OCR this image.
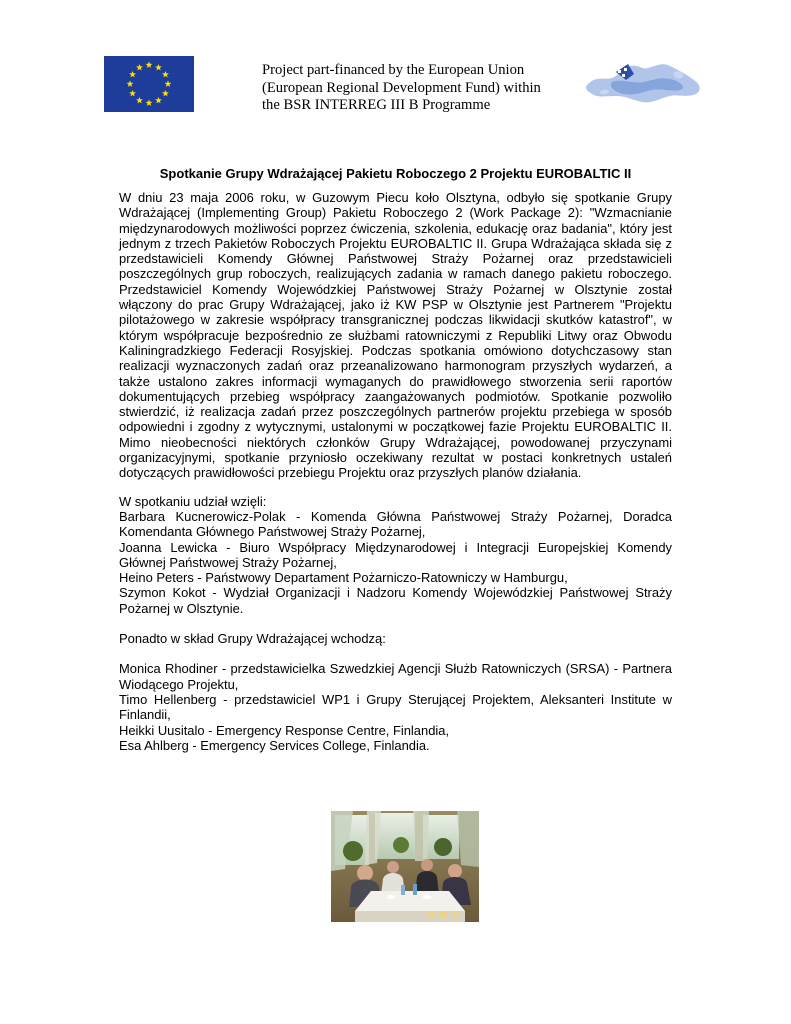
Project part-financed by the European Union
(European Regional Development Fund) within
the BSR INTERREG III B Programme
Spotkanie Grupy Wdrażającej Pakietu Roboczego 2 Projektu EUROBALTIC II

W dniu 23 maja 2006 roku, w Guzowym Piecu koło Olsztyna, odbyło się spotkanie Grupy Wdrażającej (Implementing Group) Pakietu Roboczego 2 (Work Package 2): "Wzmacnianie międzynarodowych możliwości poprzez ćwiczenia, szkolenia, edukację oraz badania", który jest jednym z trzech Pakietów Roboczych Projektu EUROBALTIC II. Grupa Wdrażająca składa się z przedstawicieli Komendy Głównej Państwowej Straży Pożarnej oraz przedstawicieli poszczególnych grup roboczych, realizujących zadania w ramach danego pakietu roboczego. Przedstawiciel Komendy Wojewódzkiej Państwowej Straży Pożarnej w Olsztynie został włączony do prac Grupy Wdrażającej, jako iż KW PSP w Olsztynie jest Partnerem "Projektu pilotażowego w zakresie współpracy transgranicznej podczas likwidacji skutków katastrof", w którym współpracuje bezpośrednio ze służbami ratowniczymi z Republiki Litwy oraz Obwodu Kaliningradzkiego Federacji Rosyjskiej. Podczas spotkania omówiono dotychczasowy stan realizacji wyznaczonych zadań oraz przeanalizowano harmonogram przyszłych wydarzeń, a także ustalono zakres informacji wymaganych do prawidłowego stworzenia serii raportów dokumentujących przebieg współpracy zaangażowanych podmiotów. Spotkanie pozwoliło stwierdzić, iż realizacja zadań przez poszczególnych partnerów projektu przebiega w sposób odpowiedni i zgodny z wytycznymi, ustalonymi w początkowej fazie Projektu EUROBALTIC II. Mimo nieobecności niektórych członków Grupy Wdrażającej, powodowanej przyczynami organizacyjnymi, spotkanie przyniosło oczekiwany rezultat w postaci konkretnych ustaleń dotyczących prawidłowości przebiegu Projektu oraz przyszłych planów działania.

W spotkaniu udział wzięli:

Barbara Kucnerowicz-Polak - Komenda Główna Państwowej Straży Pożarnej, Doradca Komendanta Głównego Państwowej Straży Pożarnej,

Joanna Lewicka - Biuro Współpracy Międzynarodowej i Integracji Europejskiej Komendy Głównej Państwowej Straży Pożarnej,

Heino Peters - Państwowy Departament Pożarniczo-Ratowniczy w Hamburgu,

Szymon Kokot - Wydział Organizacji i Nadzoru Komendy Wojewódzkiej Państwowej Straży Pożarnej w Olsztynie.

Ponadto w skład Grupy Wdrażającej wchodzą:

Monica Rhodiner - przedstawicielka Szwedzkiej Agencji Służb Ratowniczych (SRSA) - Partnera Wiodącego Projektu,

Timo Hellenberg - przedstawiciel WP1 i Grupy Sterującej Projektem, Aleksanteri Institute w Finlandii,

Heikki Uusitalo - Emergency Response Centre, Finlandia,

Esa Ahlberg - Emergency Services College, Finlandia.

23.05.06
